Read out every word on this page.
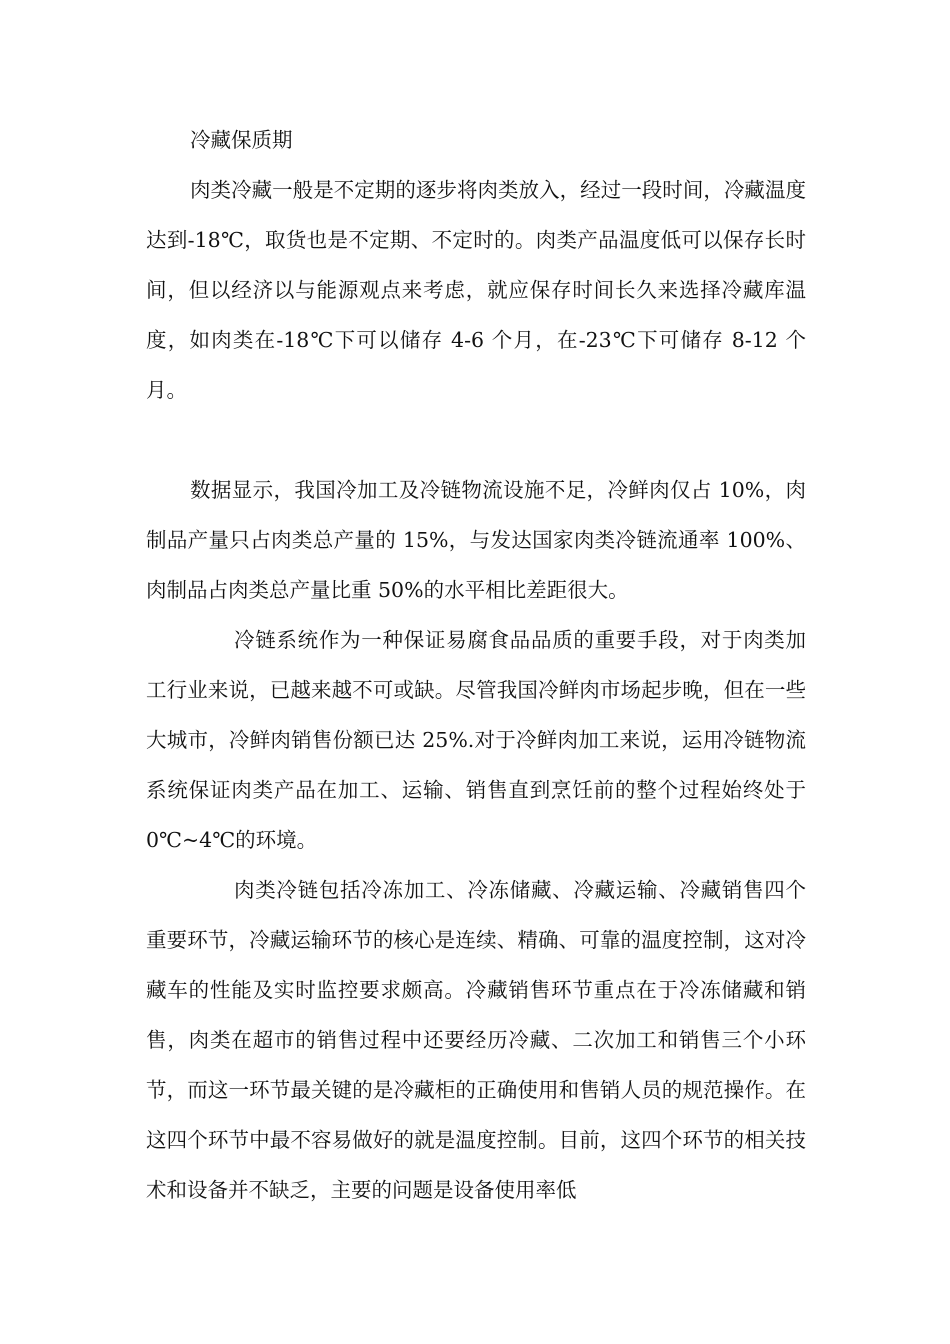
冷藏保质期

肉类冷藏一般是不定期的逐步将肉类放入，经过一段时间，冷藏温度达到-18℃，取货也是不定期、不定时的。肉类产品温度低可以保存长时间，但以经济以与能源观点来考虑，就应保存时间长久来选择冷藏库温度，如肉类在-18℃下可以储存 4-6 个月，在-23℃下可储存 8-12 个月。

数据显示，我国冷加工及冷链物流设施不足，冷鲜肉仅占 10%，肉制品产量只占肉类总产量的 15%，与发达国家肉类冷链流通率 100%、肉制品占肉类总产量比重 50%的水平相比差距很大。

冷链系统作为一种保证易腐食品品质的重要手段，对于肉类加工行业来说，已越来越不可或缺。尽管我国冷鲜肉市场起步晚，但在一些大城市，冷鲜肉销售份额已达 25%.对于冷鲜肉加工来说，运用冷链物流系统保证肉类产品在加工、运输、销售直到烹饪前的整个过程始终处于 0℃~4℃的环境。

肉类冷链包括冷冻加工、冷冻储藏、冷藏运输、冷藏销售四个重要环节，冷藏运输环节的核心是连续、精确、可靠的温度控制，这对冷藏车的性能及实时监控要求颇高。冷藏销售环节重点在于冷冻储藏和销售，肉类在超市的销售过程中还要经历冷藏、二次加工和销售三个小环节，而这一环节最关键的是冷藏柜的正确使用和售销人员的规范操作。在这四个环节中最不容易做好的就是温度控制。目前，这四个环节的相关技术和设备并不缺乏，主要的问题是设备使用率低
